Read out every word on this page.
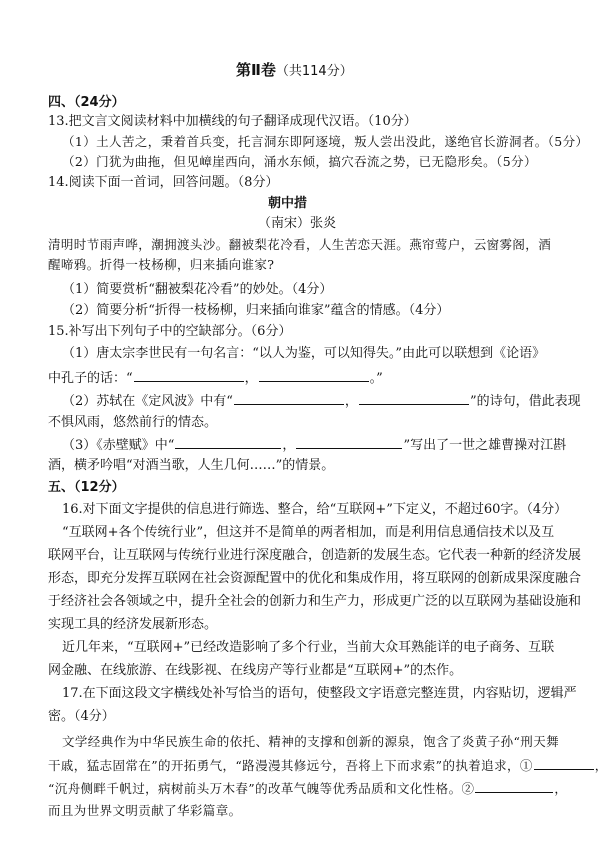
第Ⅱ卷（共114分）
四、（24分）
13.把文言文阅读材料中加横线的句子翻译成现代汉语。（10分）
（1）土人苦之，秉着首兵变，托言洞东即阿逐境，叛人尝出没此，遂绝官长游洞者。（5分）
（2）门犹为曲拖，但见嶂崖西向，涌水东倾，搞穴吞流之势，已无隐形矣。（5分）
14.阅读下面一首词，回答问题。（8分）
朝中措
（南宋）张炎
清明时节雨声哗，潮拥渡头沙。翻被梨花冷看，人生苦恋天涯。燕帘莺户，云窗雾阁，酒
醒啼鸦。折得一枝杨柳，归来插向谁家?
（1）简要赏析“翻被梨花冷看”的妙处。（4分）
（2）简要分析“折得一枝杨柳，归来插向谁家”蕴含的情感。（4分）
15.补写出下列句子中的空缺部分。（6分）
（1）唐太宗李世民有一句名言：“以人为鉴，可以知得失。”由此可以联想到《论语》
中孔子的话：“	，	。”
（2）苏轼在《定风波》中有“	，	”的诗句，借此表现
不惧风雨，悠然前行的情态。
（3）《赤壁赋》中“	，	”写出了一世之雄曹操对江斟
酒，横矛吟唱“对酒当歌，人生几何……”的情景。
五、（12分）
16.对下面文字提供的信息进行筛选、整合，给“互联网+”下定义，不超过60字。（4分）
“互联网+各个传统行业”，但这并不是简单的两者相加，而是利用信息通信技术以及互
联网平台，让互联网与传统行业进行深度融合，创造新的发展生态。它代表一种新的经济发展
形态，即充分发挥互联网在社会资源配置中的优化和集成作用，将互联网的创新成果深度融合
于经济社会各领域之中，提升全社会的创新力和生产力，形成更广泛的以互联网为基础设施和
实现工具的经济发展新形态。
近几年来，“互联网+”已经改造影响了多个行业，当前大众耳熟能详的电子商务、互联
网金融、在线旅游、在线影视、在线房产等行业都是“互联网+”的杰作。
17.在下面这段文字横线处补写恰当的语句，使整段文字语意完整连贯，内容贴切，逻辑严
密。（4分）
文学经典作为中华民族生命的依托、精神的支撑和创新的源泉，饱含了炎黄子孙“刑天舞
干戚，猛志固常在”的开拓勇气，“路漫漫其修远兮，吾将上下而求索”的执着追求，①	，
“沉舟侧畔千帆过，病树前头万木春”的改革气魄等优秀品质和文化性格。②	，
而且为世界文明贡献了华彩篇章。
